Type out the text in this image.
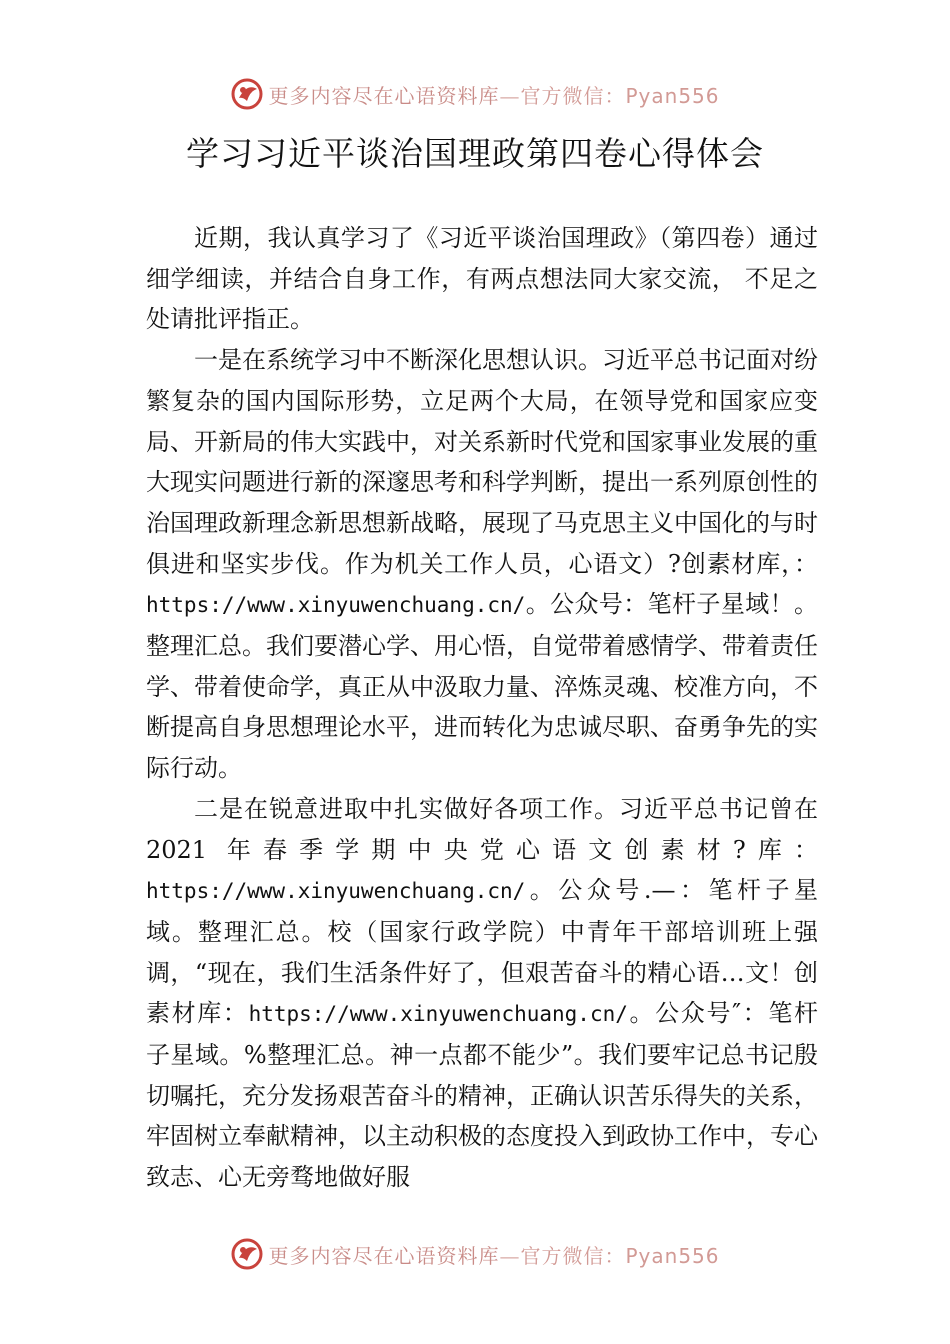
更多内容尽在心语资料库—官方微信：Pyan556
学习习近平谈治国理政第四卷心得体会

近期，我认真学习了《习近平谈治国理政》（第四卷）通过细学细读，并结合自身工作，有两点想法同大家交流， 不足之处请批评指正。

一是在系统学习中不断深化思想认识。习近平总书记面对纷繁复杂的国内国际形势，立足两个大局，在领导党和国家应变局、开新局的伟大实践中，对关系新时代党和国家事业发展的重大现实问题进行新的深邃思考和科学判断，提出一系列原创性的治国理政新理念新思想新战略，展现了马克思主义中国化的与时俱进和坚实步伐。作为机关工作人员，心语文）?创素材库，：https://www.xinyuwenchuang.cn/。公众号：笔杆子星域！。整理汇总。我们要潜心学、用心悟，自觉带着感情学、带着责任学、带着使命学，真正从中汲取力量、淬炼灵魂、校准方向，不断提高自身思想理论水平，进而转化为忠诚尽职、奋勇争先的实际行动。

二是在锐意进取中扎实做好各项工作。习近平总书记曾在 2021 年春季学期中央党心语文创素材?库：https://www.xinyuwenchuang.cn/。公众号.—：笔杆子星域。整理汇总。校（国家行政学院）中青年干部培训班上强调，“现在，我们生活条件好了，但艰苦奋斗的精心语…文！创素材库：https://www.xinyuwenchuang.cn/。公众号″：笔杆子星域。%整理汇总。神一点都不能少”。我们要牢记总书记殷切嘱托，充分发扬艰苦奋斗的精神，正确认识苦乐得失的关系，牢固树立奉献精神，以主动积极的态度投入到政协工作中，专心致志、心无旁骛地做好服

更多内容尽在心语资料库—官方微信：Pyan556
